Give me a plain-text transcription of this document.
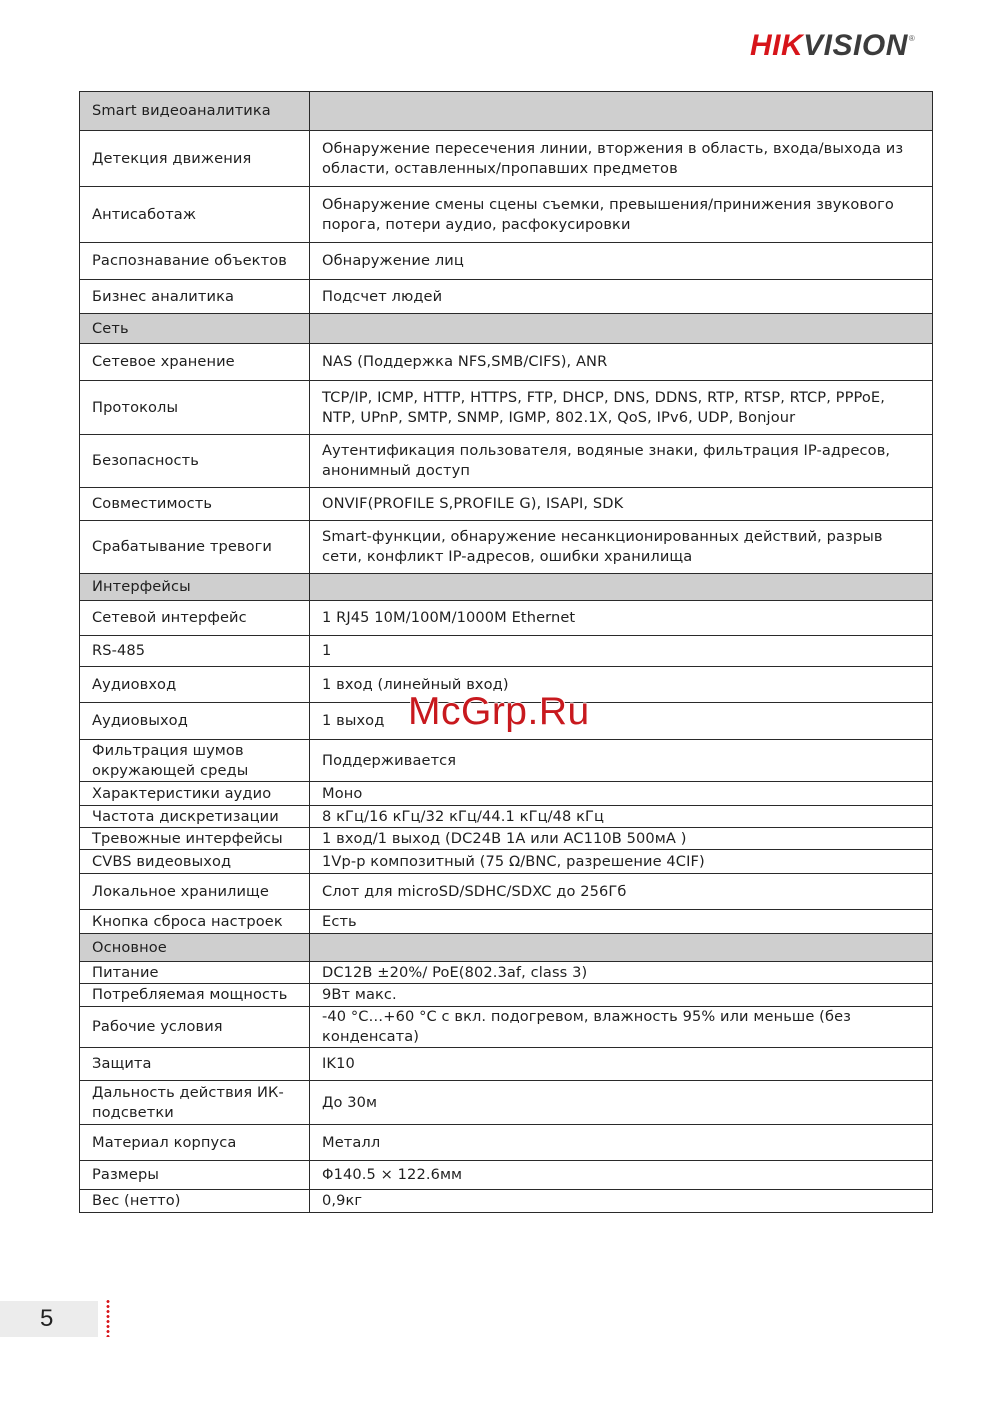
HIKVISION ®
Smart видеоаналитика	
Детекция движения	Обнаружение пересечения линии, вторжения в область, входа/выхода из области, оставленных/пропавших предметов
Антисаботаж	Обнаружение смены сцены съемки, превышения/принижения звукового порога, потери аудио, расфокусировки
Распознавание объектов	Обнаружение лиц
Бизнес аналитика	Подсчет людей
Сеть	
Сетевое хранение	NAS (Поддержка NFS,SMB/CIFS), ANR
Протоколы	TCP/IP, ICMP, HTTP, HTTPS, FTP, DHCP, DNS, DDNS, RTP, RTSP, RTCP, PPPoE, NTP, UPnP, SMTP, SNMP, IGMP, 802.1X, QoS, IPv6, UDP, Bonjour
Безопасность	Аутентификация пользователя, водяные знаки, фильтрация IP-адресов, анонимный доступ
Совместимость	ONVIF(PROFILE S,PROFILE G), ISAPI, SDK
Срабатывание тревоги	Smart-функции, обнаружение несанкционированных действий, разрыв сети, конфликт IP-адресов, ошибки хранилища
Интерфейсы	
Сетевой интерфейс	1 RJ45 10M/100M/1000M Ethernet
RS-485	1
Аудиовход	1 вход (линейный вход)
Аудиовыход	1 выход
Фильтрация шумов окружающей среды	Поддерживается
Характеристики аудио	Моно
Частота дискретизации	8 кГц/16 кГц/32 кГц/44.1 кГц/48 кГц
Тревожные интерфейсы	1 вход/1 выход (DC24В 1А или AC110В 500мА )
CVBS видеовыход	1Vp-p композитный (75 Ω/BNC, разрешение 4CIF)
Локальное хранилище	Слот для microSD/SDHC/SDXC до 256Гб
Кнопка сброса настроек	Есть
Основное	
Питание	DC12В ±20%/ PoE(802.3af, class 3)
Потребляемая мощность	9Вт макс.
Рабочие условия	-40 °C…+60 °C с вкл. подогревом, влажность 95% или меньше (без конденсата)
Защита	IK10
Дальность действия ИК-подсветки	До 30м
Материал корпуса	Металл
Размеры	Φ140.5 × 122.6мм
Вес (нетто)	0,9кг
McGrp.Ru
5
